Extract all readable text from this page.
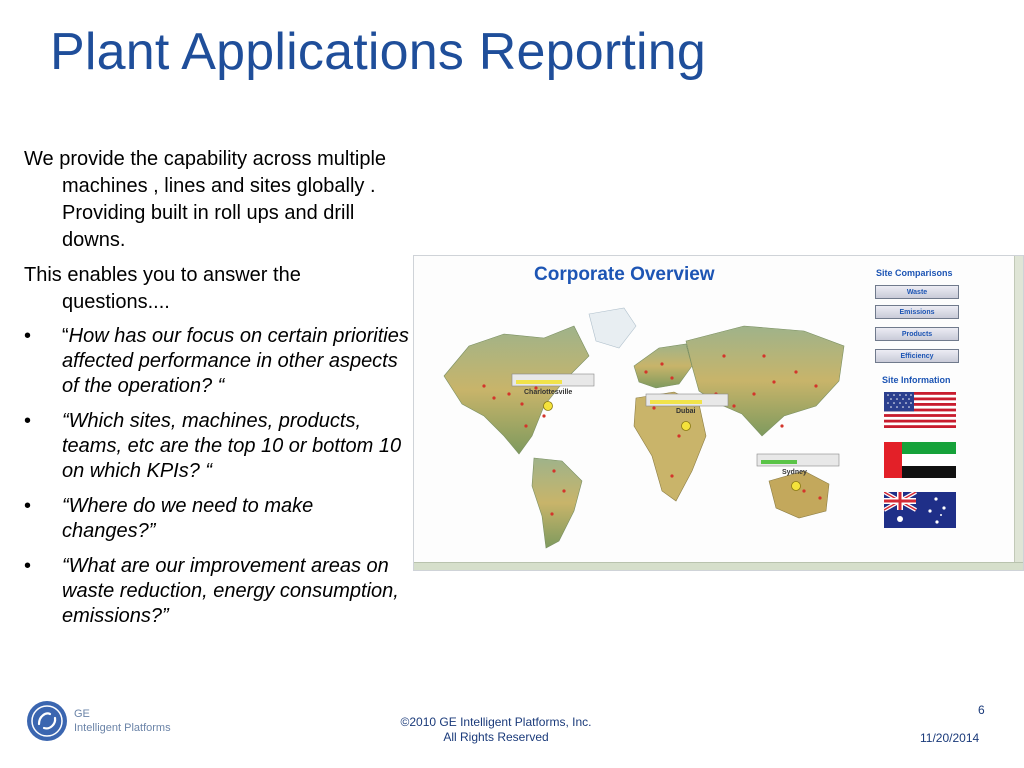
Plant Applications Reporting
We provide the capability across multiple machines , lines and sites globally . Providing built in roll ups and drill downs.
This enables you to answer the questions....
• “How has our focus on certain priorities affected performance in other aspects of the operation? “
• “Which sites, machines, products, teams, etc are the top 10 or bottom 10 on which KPIs? “
• “Where do we need to make changes?”
• “What are our improvement areas on waste reduction, energy consumption, emissions?”
Corporate Overview
Charlottesville
Dubai
Sydney
Site Comparisons
Waste
Emissions
Products
Efficiency
Site Information
GE
Intelligent Platforms	©2010 GE Intelligent Platforms, Inc.
All Rights Reserved
6
11/20/2014
